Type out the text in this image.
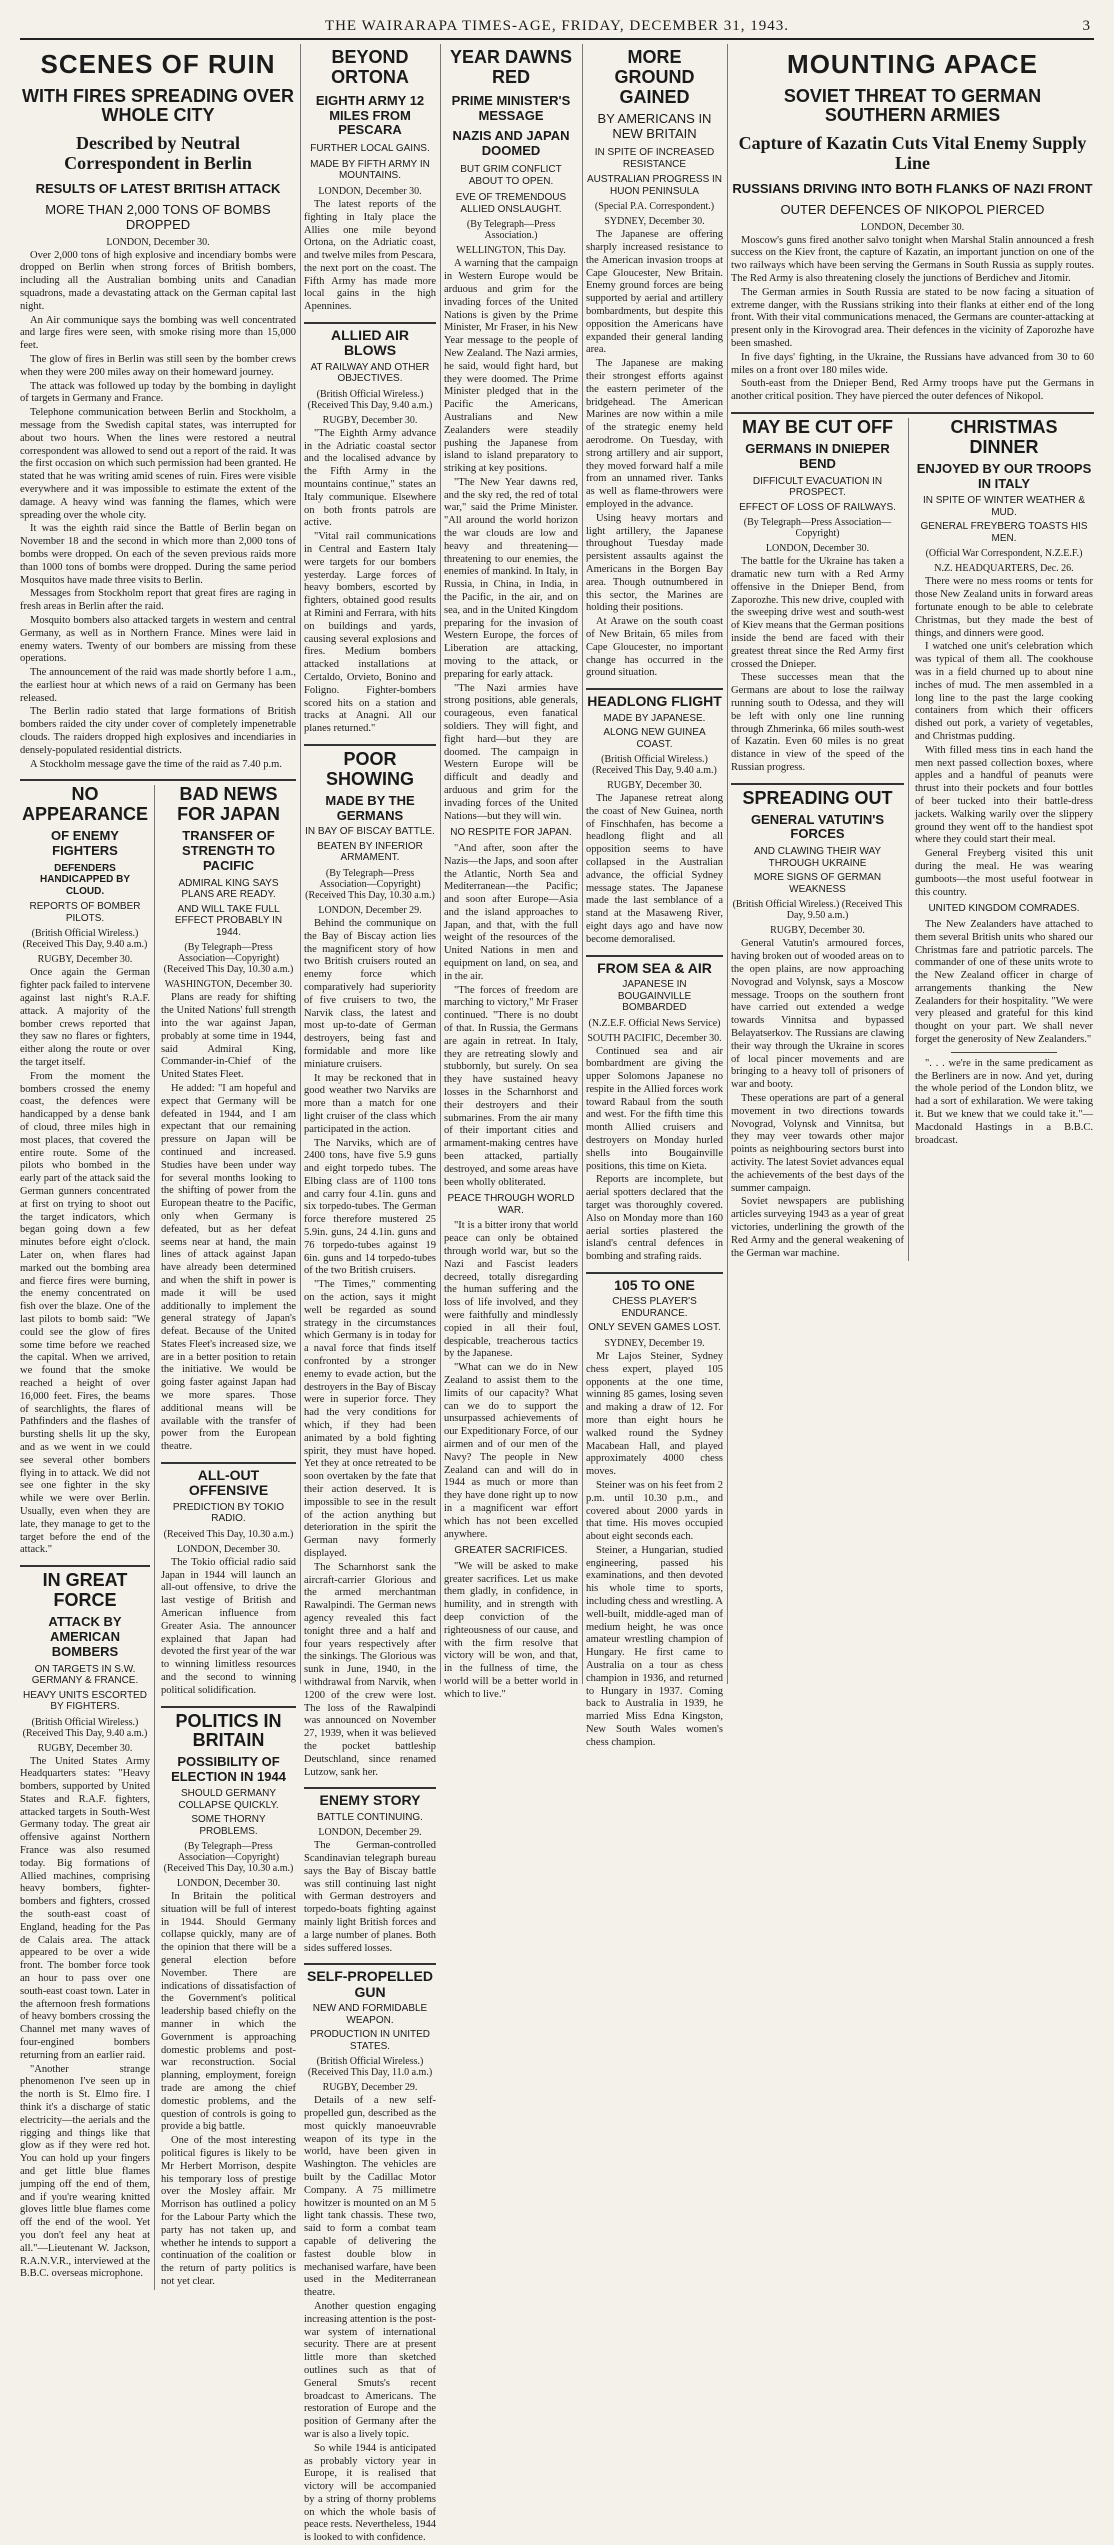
THE WAIRARAPA TIMES-AGE, FRIDAY, DECEMBER 31, 1943.	3
SCENES OF RUIN
WITH FIRES SPREADING OVER WHOLE CITY
Described by Neutral Correspondent in Berlin
RESULTS OF LATEST BRITISH ATTACK
MORE THAN 2,000 TONS OF BOMBS DROPPED
LONDON, December 30.

Over 2,000 tons of high explosive and incendiary bombs were dropped on Berlin when strong forces of British bombers, including all the Australian bombing units and Canadian squadrons, made a devastating attack on the German capital last night.

An Air communique says the bombing was well concentrated and large fires were seen, with smoke rising more than 15,000 feet.

The glow of fires in Berlin was still seen by the bomber crews when they were 200 miles away on their homeward journey.

The attack was followed up today by the bombing in daylight of targets in Germany and France.

Telephone communication between Berlin and Stockholm, a message from the Swedish capital states, was interrupted for about two hours. When the lines were restored a neutral correspondent was allowed to send out a report of the raid. It was the first occasion on which such permission had been granted. He stated that he was writing amid scenes of ruin. Fires were visible everywhere and it was impossible to estimate the extent of the damage. A heavy wind was fanning the flames, which were spreading over the whole city.

It was the eighth raid since the Battle of Berlin began on November 18 and the second in which more than 2,000 tons of bombs were dropped. On each of the seven previous raids more than 1000 tons of bombs were dropped. During the same period Mosquitos have made three visits to Berlin.

Messages from Stockholm report that great fires are raging in fresh areas in Berlin after the raid.

Mosquito bombers also attacked targets in western and central Germany, as well as in Northern France. Mines were laid in enemy waters. Twenty of our bombers are missing from these operations.

The announcement of the raid was made shortly before 1 a.m., the earliest hour at which news of a raid on Germany has been released.

The Berlin radio stated that large formations of British bombers raided the city under cover of completely impenetrable clouds. The raiders dropped high explosives and incendiaries in densely-populated residential districts.

A Stockholm message gave the time of the raid as 7.40 p.m.

NO APPEARANCE
OF ENEMY FIGHTERS
DEFENDERS HANDICAPPED BY CLOUD.
REPORTS OF BOMBER PILOTS.
(British Official Wireless.) (Received This Day, 9.40 a.m.)
RUGBY, December 30.

Once again the German fighter pack failed to intervene against last night's R.A.F. attack. A majority of the bomber crews reported that they saw no flares or fighters, either along the route or over the target itself.

From the moment the bombers crossed the enemy coast, the defences were handicapped by a dense bank of cloud, three miles high in most places, that covered the entire route. Some of the pilots who bombed in the early part of the attack said the German gunners concentrated at first on trying to shoot out the target indicators, which began going down a few minutes before eight o'clock. Later on, when flares had marked out the bombing area and fierce fires were burning, the enemy concentrated on fish over the blaze. One of the last pilots to bomb said: "We could see the glow of fires some time before we reached the capital. When we arrived, we found that the smoke reached a height of over 16,000 feet. Fires, the beams of searchlights, the flares of Pathfinders and the flashes of bursting shells lit up the sky, and as we went in we could see several other bombers flying in to attack. We did not see one fighter in the sky while we were over Berlin. Usually, even when they are late, they manage to get to the target before the end of the attack."

IN GREAT FORCE
ATTACK BY AMERICAN BOMBERS
ON TARGETS IN S.W. GERMANY & FRANCE.
HEAVY UNITS ESCORTED BY FIGHTERS.
(British Official Wireless.) (Received This Day, 9.40 a.m.)
RUGBY, December 30.

The United States Army Headquarters states: "Heavy bombers, supported by United States and R.A.F. fighters, attacked targets in South-West Germany today. The great air offensive against Northern France was also resumed today. Big formations of Allied machines, comprising heavy bombers, fighter-bombers and fighters, crossed the south-east coast of England, heading for the Pas de Calais area. The attack appeared to be over a wide front. The bomber force took an hour to pass over one south-east coast town. Later in the afternoon fresh formations of heavy bombers crossing the Channel met many waves of four-engined bombers returning from an earlier raid.

"Another strange phenomenon I've seen up in the north is St. Elmo fire. I think it's a discharge of static electricity—the aerials and the rigging and things like that glow as if they were red hot. You can hold up your fingers and get little blue flames jumping off the end of them, and if you're wearing knitted gloves little blue flames come off the end of the wool. Yet you don't feel any heat at all."—Lieutenant W. Jackson, R.A.N.V.R., interviewed at the B.B.C. overseas microphone.

BAD NEWS FOR JAPAN
TRANSFER OF STRENGTH TO PACIFIC
ADMIRAL KING SAYS PLANS ARE READY.
AND WILL TAKE FULL EFFECT PROBABLY IN 1944.
(By Telegraph—Press Association—Copyright) (Received This Day, 10.30 a.m.)
WASHINGTON, December 30.

Plans are ready for shifting the United Nations' full strength into the war against Japan, probably at some time in 1944, said Admiral King, Commander-in-Chief of the United States Fleet.

He added: "I am hopeful and expect that Germany will be defeated in 1944, and I am expectant that our remaining pressure on Japan will be continued and increased. Studies have been under way for several months looking to the shifting of power from the European theatre to the Pacific, only when Germany is defeated, but as her defeat seems near at hand, the main lines of attack against Japan have already been determined and when the shift in power is made it will be used additionally to implement the general strategy of Japan's defeat. Because of the United States Fleet's increased size, we are in a better position to retain the initiative. We would be going faster against Japan had we more spares. Those additional means will be available with the transfer of power from the European theatre.

ALL-OUT OFFENSIVE
PREDICTION BY TOKIO RADIO.
(Received This Day, 10.30 a.m.)
LONDON, December 30.

The Tokio official radio said Japan in 1944 will launch an all-out offensive, to drive the last vestige of British and American influence from Greater Asia. The announcer explained that Japan had devoted the first year of the war to winning limitless resources and the second to winning political solidification.

POLITICS IN BRITAIN
POSSIBILITY OF ELECTION IN 1944
SHOULD GERMANY COLLAPSE QUICKLY.
SOME THORNY PROBLEMS.
(By Telegraph—Press Association—Copyright) (Received This Day, 10.30 a.m.)
LONDON, December 30.

In Britain the political situation will be full of interest in 1944. Should Germany collapse quickly, many are of the opinion that there will be a general election before November. There are indications of dissatisfaction of the Government's political leadership based chiefly on the manner in which the Government is approaching domestic problems and post-war reconstruction. Social planning, employment, foreign trade are among the chief domestic problems, and the question of controls is going to provide a big battle.

One of the most interesting political figures is likely to be Mr Herbert Morrison, despite his temporary loss of prestige over the Mosley affair. Mr Morrison has outlined a policy for the Labour Party which the party has not taken up, and whether he intends to support a continuation of the coalition or the return of party politics is not yet clear.

BEYOND ORTONA
EIGHTH ARMY 12 MILES FROM PESCARA
FURTHER LOCAL GAINS.
MADE BY FIFTH ARMY IN MOUNTAINS.
LONDON, December 30.

The latest reports of the fighting in Italy place the Allies one mile beyond Ortona, on the Adriatic coast, and twelve miles from Pescara, the next port on the coast. The Fifth Army has made more local gains in the high Apennines.

ALLIED AIR BLOWS
AT RAILWAY AND OTHER OBJECTIVES.
(British Official Wireless.) (Received This Day, 9.40 a.m.)
RUGBY, December 30.

"The Eighth Army advance in the Adriatic coastal sector and the localised advance by the Fifth Army in the mountains continue," states an Italy communique. Elsewhere on both fronts patrols are active.

"Vital rail communications in Central and Eastern Italy were targets for our bombers yesterday. Large forces of heavy bombers, escorted by fighters, obtained good results at Rimini and Ferrara, with hits on buildings and yards, causing several explosions and fires. Medium bombers attacked installations at Certaldo, Orvieto, Bonino and Foligno. Fighter-bombers scored hits on a station and tracks at Anagni. All our planes returned."

POOR SHOWING
MADE BY THE GERMANS
IN BAY OF BISCAY BATTLE.
BEATEN BY INFERIOR ARMAMENT.
(By Telegraph—Press Association—Copyright) (Received This Day, 10.30 a.m.)
LONDON, December 29.

Behind the communique on the Bay of Biscay action lies the magnificent story of how two British cruisers routed an enemy force which comparatively had superiority of five cruisers to two, the Narvik class, the latest and most up-to-date of German destroyers, being fast and formidable and more like miniature cruisers.

It may be reckoned that in good weather two Narviks are more than a match for one light cruiser of the class which participated in the action.

The Narviks, which are of 2400 tons, have five 5.9 guns and eight torpedo tubes. The Elbing class are of 1100 tons and carry four 4.1in. guns and six torpedo-tubes. The German force therefore mustered 25 5.9in. guns, 24 4.1in. guns and 76 torpedo-tubes against 19 6in. guns and 14 torpedo-tubes of the two British cruisers.

"The Times," commenting on the action, says it might well be regarded as sound strategy in the circumstances which Germany is in today for a naval force that finds itself confronted by a stronger enemy to evade action, but the destroyers in the Bay of Biscay were in superior force. They had the very conditions for which, if they had been animated by a bold fighting spirit, they must have hoped. Yet they at once retreated to be soon overtaken by the fate that their action deserved. It is impossible to see in the result of the action anything but deterioration in the spirit the German navy formerly displayed.

The Scharnhorst sank the aircraft-carrier Glorious and the armed merchantman Rawalpindi. The German news agency revealed this fact tonight three and a half and four years respectively after the sinkings. The Glorious was sunk in June, 1940, in the withdrawal from Narvik, when 1200 of the crew were lost. The loss of the Rawalpindi was announced on November 27, 1939, when it was believed the pocket battleship Deutschland, since renamed Lutzow, sank her.

ENEMY STORY
BATTLE CONTINUING.
LONDON, December 29.

The German-controlled Scandinavian telegraph bureau says the Bay of Biscay battle was still continuing last night with German destroyers and torpedo-boats fighting against mainly light British forces and a large number of planes. Both sides suffered losses.

SELF-PROPELLED GUN
NEW AND FORMIDABLE WEAPON.
PRODUCTION IN UNITED STATES.
(British Official Wireless.) (Received This Day, 11.0 a.m.)
RUGBY, December 29.

Details of a new self-propelled gun, described as the most quickly manoeuvrable weapon of its type in the world, have been given in Washington. The vehicles are built by the Cadillac Motor Company. A 75 millimetre howitzer is mounted on an M 5 light tank chassis. These two, said to form a combat team capable of delivering the fastest double blow in mechanised warfare, have been used in the Mediterranean theatre.

Another question engaging increasing attention is the post-war system of international security. There are at present little more than sketched outlines such as that of General Smuts's recent broadcast to Americans. The restoration of Europe and the position of Germany after the war is also a lively topic.

So while 1944 is anticipated as probably victory year in Europe, it is realised that victory will be accompanied by a string of thorny problems on which the whole basis of peace rests. Nevertheless, 1944 is looked to with confidence.

YEAR DAWNS RED
PRIME MINISTER'S MESSAGE
NAZIS AND JAPAN DOOMED
BUT GRIM CONFLICT ABOUT TO OPEN.
EVE OF TREMENDOUS ALLIED ONSLAUGHT.
(By Telegraph—Press Association.)
WELLINGTON, This Day.

A warning that the campaign in Western Europe would be arduous and grim for the invading forces of the United Nations is given by the Prime Minister, Mr Fraser, in his New Year message to the people of New Zealand. The Nazi armies, he said, would fight hard, but they were doomed. The Prime Minister pledged that in the Pacific the Americans, Australians and New Zealanders were steadily pushing the Japanese from island to island preparatory to striking at key positions.

"The New Year dawns red, and the sky red, the red of total war," said the Prime Minister. "All around the world horizon the war clouds are low and heavy and threatening—threatening to our enemies, the enemies of mankind. In Italy, in Russia, in China, in India, in the Pacific, in the air, and on sea, and in the United Kingdom preparing for the invasion of Western Europe, the forces of Liberation are attacking, moving to the attack, or preparing for early attack.

"The Nazi armies have strong positions, able generals, courageous, even fanatical soldiers. They will fight, and fight hard—but they are doomed. The campaign in Western Europe will be difficult and deadly and arduous and grim for the invading forces of the United Nations—but they will win.

NO RESPITE FOR JAPAN.

"And after, soon after the Nazis—the Japs, and soon after the Atlantic, North Sea and Mediterranean—the Pacific; and soon after Europe—Asia and the island approaches to Japan, and that, with the full weight of the resources of the United Nations in men and equipment on land, on sea, and in the air.

"The forces of freedom are marching to victory," Mr Fraser continued. "There is no doubt of that. In Russia, the Germans are again in retreat. In Italy, they are retreating slowly and stubbornly, but surely. On sea they have sustained heavy losses in the Scharnhorst and their destroyers and their submarines. From the air many of their important cities and armament-making centres have been attacked, partially destroyed, and some areas have been wholly obliterated.

PEACE THROUGH WORLD WAR.

"It is a bitter irony that world peace can only be obtained through world war, but so the Nazi and Fascist leaders decreed, totally disregarding the human suffering and the loss of life involved, and they were faithfully and mindlessly copied in all their foul, despicable, treacherous tactics by the Japanese.

"What can we do in New Zealand to assist them to the limits of our capacity? What can we do to support the unsurpassed achievements of our Expeditionary Force, of our airmen and of our men of the Navy? The people in New Zealand can and will do in 1944 as much or more than they have done right up to now in a magnificent war effort which has not been excelled anywhere.

GREATER SACRIFICES.

"We will be asked to make greater sacrifices. Let us make them gladly, in confidence, in humility, and in strength with deep conviction of the righteousness of our cause, and with the firm resolve that victory will be won, and that, in the fullness of time, the world will be a better world in which to live."

MORE GROUND GAINED
BY AMERICANS IN NEW BRITAIN
IN SPITE OF INCREASED RESISTANCE
AUSTRALIAN PROGRESS IN HUON PENINSULA
(Special P.A. Correspondent.)
SYDNEY, December 30.

The Japanese are offering sharply increased resistance to the American invasion troops at Cape Gloucester, New Britain. Enemy ground forces are being supported by aerial and artillery bombardments, but despite this opposition the Americans have expanded their general landing area.

The Japanese are making their strongest efforts against the eastern perimeter of the bridgehead. The American Marines are now within a mile of the strategic enemy held aerodrome. On Tuesday, with strong artillery and air support, they moved forward half a mile from an unnamed river. Tanks as well as flame-throwers were employed in the advance.

Using heavy mortars and light artillery, the Japanese throughout Tuesday made persistent assaults against the Americans in the Borgen Bay area. Though outnumbered in this sector, the Marines are holding their positions.

At Arawe on the south coast of New Britain, 65 miles from Cape Gloucester, no important change has occurred in the ground situation.

HEADLONG FLIGHT
MADE BY JAPANESE.
ALONG NEW GUINEA COAST.
(British Official Wireless.) (Received This Day, 9.40 a.m.)
RUGBY, December 30.

The Japanese retreat along the coast of New Guinea, north of Finschhafen, has become a headlong flight and all opposition seems to have collapsed in the Australian advance, the official Sydney message states. The Japanese made the last semblance of a stand at the Masaweng River, eight days ago and have now become demoralised.

FROM SEA & AIR
JAPANESE IN BOUGAINVILLE BOMBARDED
(N.Z.E.F. Official News Service)
SOUTH PACIFIC, December 30.

Continued sea and air bombardment are giving the upper Solomons Japanese no respite in the Allied forces work toward Rabaul from the south and west. For the fifth time this month Allied cruisers and destroyers on Monday hurled shells into Bougainville positions, this time on Kieta.

Reports are incomplete, but aerial spotters declared that the target was thoroughly covered. Also on Monday more than 160 aerial sorties plastered the island's central defences in bombing and strafing raids.

105 TO ONE
CHESS PLAYER'S ENDURANCE.
ONLY SEVEN GAMES LOST.
SYDNEY, December 19.

Mr Lajos Steiner, Sydney chess expert, played 105 opponents at the one time, winning 85 games, losing seven and making a draw of 12. For more than eight hours he walked round the Sydney Macabean Hall, and played approximately 4000 chess moves.

Steiner was on his feet from 2 p.m. until 10.30 p.m., and covered about 2000 yards in that time. His moves occupied about eight seconds each.

Steiner, a Hungarian, studied engineering, passed his examinations, and then devoted his whole time to sports, including chess and wrestling. A well-built, middle-aged man of medium height, he was once amateur wrestling champion of Hungary. He first came to Australia on a tour as chess champion in 1936, and returned to Hungary in 1937. Coming back to Australia in 1939, he married Miss Edna Kingston, New South Wales women's chess champion.

MOUNTING APACE
SOVIET THREAT TO GERMAN SOUTHERN ARMIES
Capture of Kazatin Cuts Vital Enemy Supply Line
RUSSIANS DRIVING INTO BOTH FLANKS OF NAZI FRONT
OUTER DEFENCES OF NIKOPOL PIERCED
LONDON, December 30.

Moscow's guns fired another salvo tonight when Marshal Stalin announced a fresh success on the Kiev front, the capture of Kazatin, an important junction on one of the two railways which have been serving the Germans in South Russia as supply routes. The Red Army is also threatening closely the junctions of Berdichev and Jitomir.

The German armies in South Russia are stated to be now facing a situation of extreme danger, with the Russians striking into their flanks at either end of the long front. With their vital communications menaced, the Germans are counter-attacking at present only in the Kirovograd area. Their defences in the vicinity of Zaporozhe have been smashed.

In five days' fighting, in the Ukraine, the Russians have advanced from 30 to 60 miles on a front over 180 miles wide.

South-east from the Dnieper Bend, Red Army troops have put the Germans in another critical position. They have pierced the outer defences of Nikopol.

MAY BE CUT OFF
GERMANS IN DNIEPER BEND
DIFFICULT EVACUATION IN PROSPECT.
EFFECT OF LOSS OF RAILWAYS.
(By Telegraph—Press Association—Copyright)
LONDON, December 30.

The battle for the Ukraine has taken a dramatic new turn with a Red Army offensive in the Dnieper Bend, from Zaporozhe. This new drive, coupled with the sweeping drive west and south-west of Kiev means that the German positions inside the bend are faced with their greatest threat since the Red Army first crossed the Dnieper.

These successes mean that the Germans are about to lose the railway running south to Odessa, and they will be left with only one line running through Zhmerinka, 66 miles south-west of Kazatin. Even 60 miles is no great distance in view of the speed of the Russian progress.

SPREADING OUT
GENERAL VATUTIN'S FORCES
AND CLAWING THEIR WAY THROUGH UKRAINE
MORE SIGNS OF GERMAN WEAKNESS
(British Official Wireless.) (Received This Day, 9.50 a.m.)
RUGBY, December 30.

General Vatutin's armoured forces, having broken out of wooded areas on to the open plains, are now approaching Novograd and Volynsk, says a Moscow message. Troops on the southern front have carried out extended a wedge towards Vinnitsa and bypassed Belayatserkov. The Russians are clawing their way through the Ukraine in scores of local pincer movements and are bringing to a heavy toll of prisoners of war and booty.

These operations are part of a general movement in two directions towards Novograd, Volynsk and Vinnitsa, but they may veer towards other major points as neighbouring sectors burst into activity. The latest Soviet advances equal the achievements of the best days of the summer campaign.

Soviet newspapers are publishing articles surveying 1943 as a year of great victories, underlining the growth of the Red Army and the general weakening of the German war machine.

CHRISTMAS DINNER
ENJOYED BY OUR TROOPS IN ITALY
IN SPITE OF WINTER WEATHER & MUD.
GENERAL FREYBERG TOASTS HIS MEN.
(Official War Correspondent, N.Z.E.F.)
N.Z. HEADQUARTERS, Dec. 26.

There were no mess rooms or tents for those New Zealand units in forward areas fortunate enough to be able to celebrate Christmas, but they made the best of things, and dinners were good.

I watched one unit's celebration which was typical of them all. The cookhouse was in a field churned up to about nine inches of mud. The men assembled in a long line to the past the large cooking containers from which their officers dished out pork, a variety of vegetables, and Christmas pudding.

With filled mess tins in each hand the men next passed collection boxes, where apples and a handful of peanuts were thrust into their pockets and four bottles of beer tucked into their battle-dress jackets. Walking warily over the slippery ground they went off to the handiest spot where they could start their meal.

General Freyberg visited this unit during the meal. He was wearing gumboots—the most useful footwear in this country.

UNITED KINGDOM COMRADES.

The New Zealanders have attached to them several British units who shared our Christmas fare and patriotic parcels. The commander of one of these units wrote to the New Zealand officer in charge of arrangements thanking the New Zealanders for their hospitality. "We were very pleased and grateful for this kind thought on your part. We shall never forget the generosity of New Zealanders."

". . . we're in the same predicament as the Berliners are in now. And yet, during the whole period of the London blitz, we had a sort of exhilaration. We were taking it. But we knew that we could take it."—Macdonald Hastings in a B.B.C. broadcast.
